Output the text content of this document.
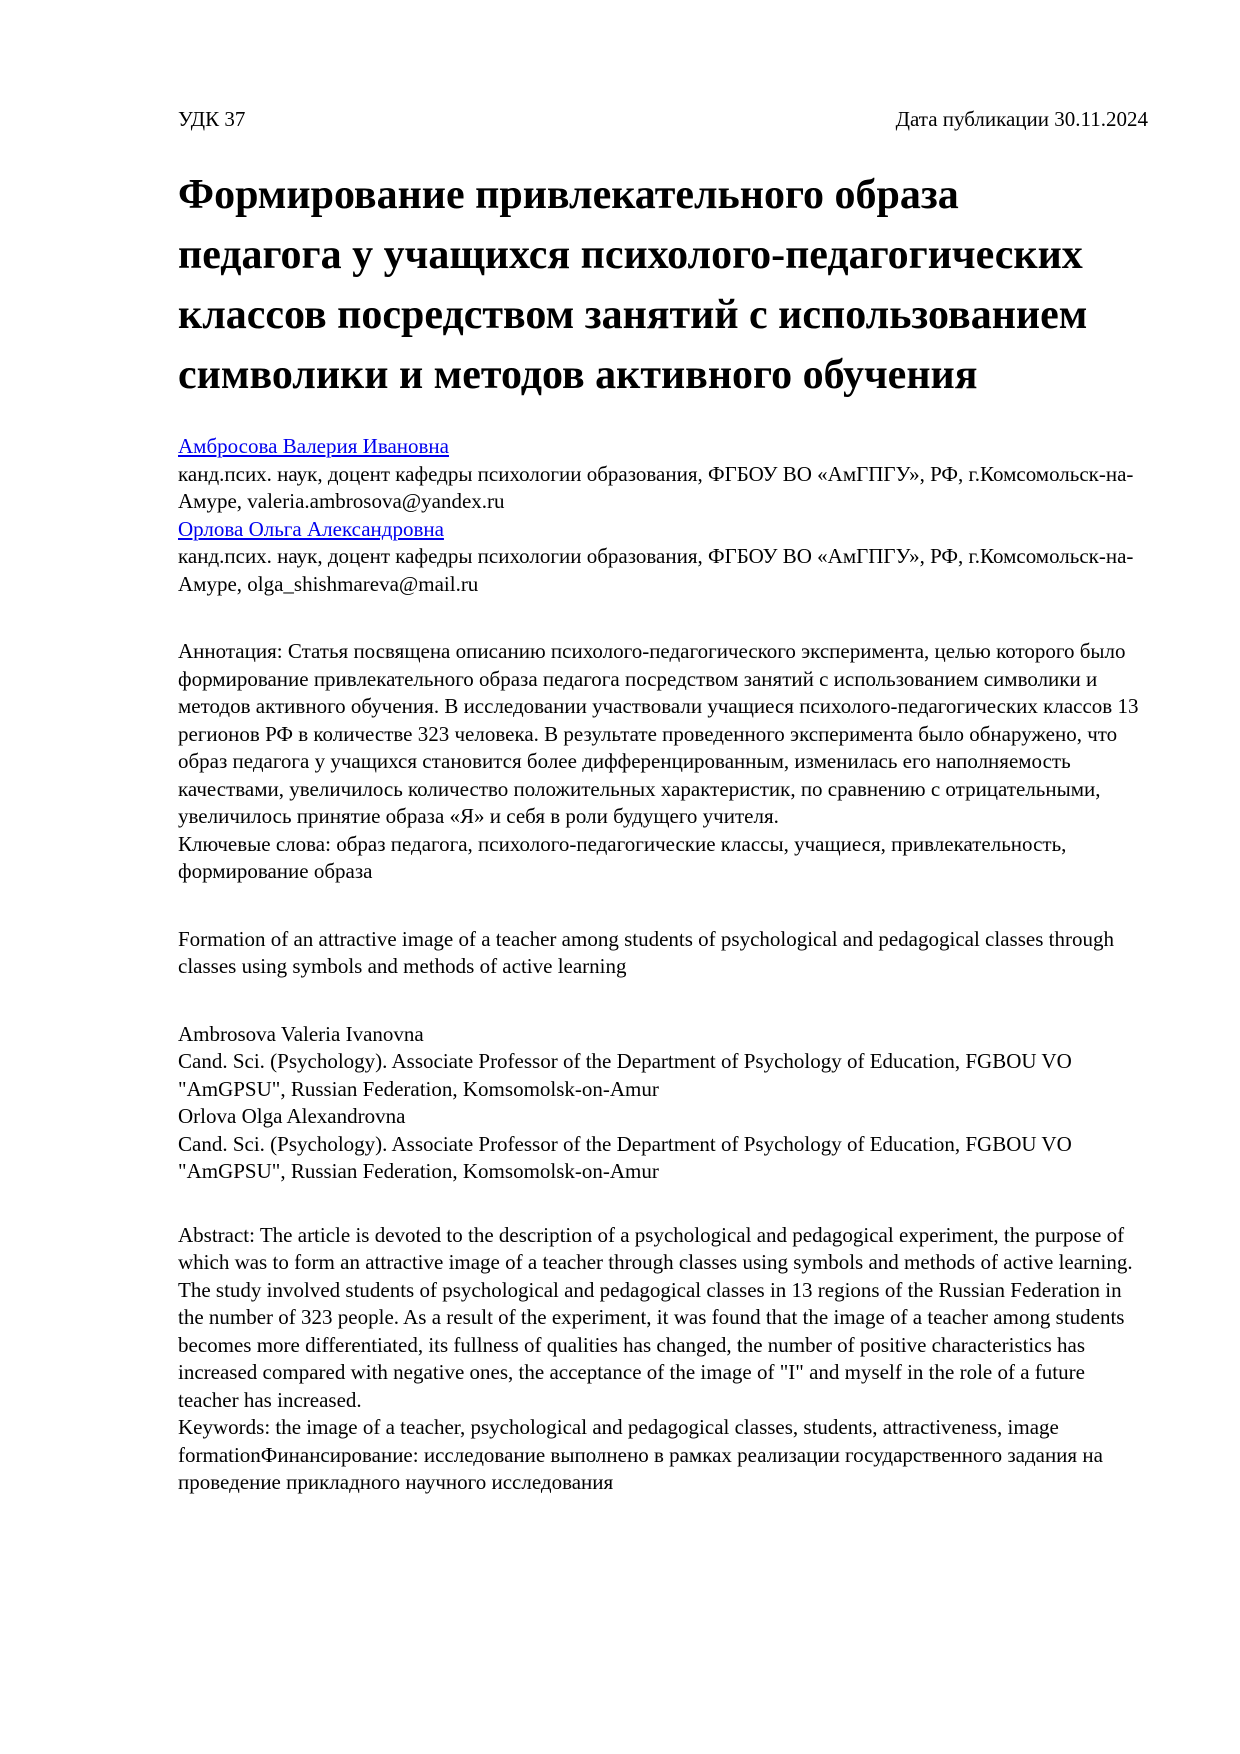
УДК 37	Дата публикации 30.11.2024
Формирование привлекательного образа педагога у учащихся психолого-педагогических классов посредством занятий с использованием символики и методов активного обучения
Амбросова Валерия Ивановна
канд.псих. наук, доцент кафедры психологии образования, ФГБОУ ВО «АмГПГУ», РФ, г.Комсомольск-на-Амуре, valeria.ambrosova@yandex.ru
Орлова Ольга Александровна
канд.псих. наук, доцент кафедры психологии образования, ФГБОУ ВО «АмГПГУ», РФ, г.Комсомольск-на-Амуре, olga_shishmareva@mail.ru
Аннотация: Статья посвящена описанию психолого-педагогического эксперимента, целью которого было формирование привлекательного образа педагога посредством занятий с использованием символики и методов активного обучения. В исследовании участвовали учащиеся психолого-педагогических классов 13 регионов РФ в количестве 323 человека. В результате проведенного эксперимента было обнаружено, что образ педагога у учащихся становится более дифференцированным, изменилась его наполняемость качествами, увеличилось количество положительных характеристик, по сравнению с отрицательными, увеличилось принятие образа «Я» и себя в роли будущего учителя.
Ключевые слова: образ педагога, психолого-педагогические классы, учащиеся, привлекательность, формирование образа
Formation of an attractive image of a teacher among students of psychological and pedagogical classes through classes using symbols and methods of active learning
Ambrosova Valeria Ivanovna
Cand. Sci. (Psychology). Associate Professor of the Department of Psychology of Education, FGBOU VO "AmGPSU", Russian Federation, Komsomolsk-on-Amur
Orlova Olga Alexandrovna
Cand. Sci. (Psychology). Associate Professor of the Department of Psychology of Education, FGBOU VO "AmGPSU", Russian Federation, Komsomolsk-on-Amur
Abstract: The article is devoted to the description of a psychological and pedagogical experiment, the purpose of which was to form an attractive image of a teacher through classes using symbols and methods of active learning. The study involved students of psychological and pedagogical classes in 13 regions of the Russian Federation in the number of 323 people. As a result of the experiment, it was found that the image of a teacher among students becomes more differentiated, its fullness of qualities has changed, the number of positive characteristics has increased compared with negative ones, the acceptance of the image of "I" and myself in the role of a future teacher has increased.
Keywords: the image of a teacher, psychological and pedagogical classes, students, attractiveness, image formationФинансирование: исследование выполнено в рамках реализации государственного задания на проведение прикладного научного исследования
